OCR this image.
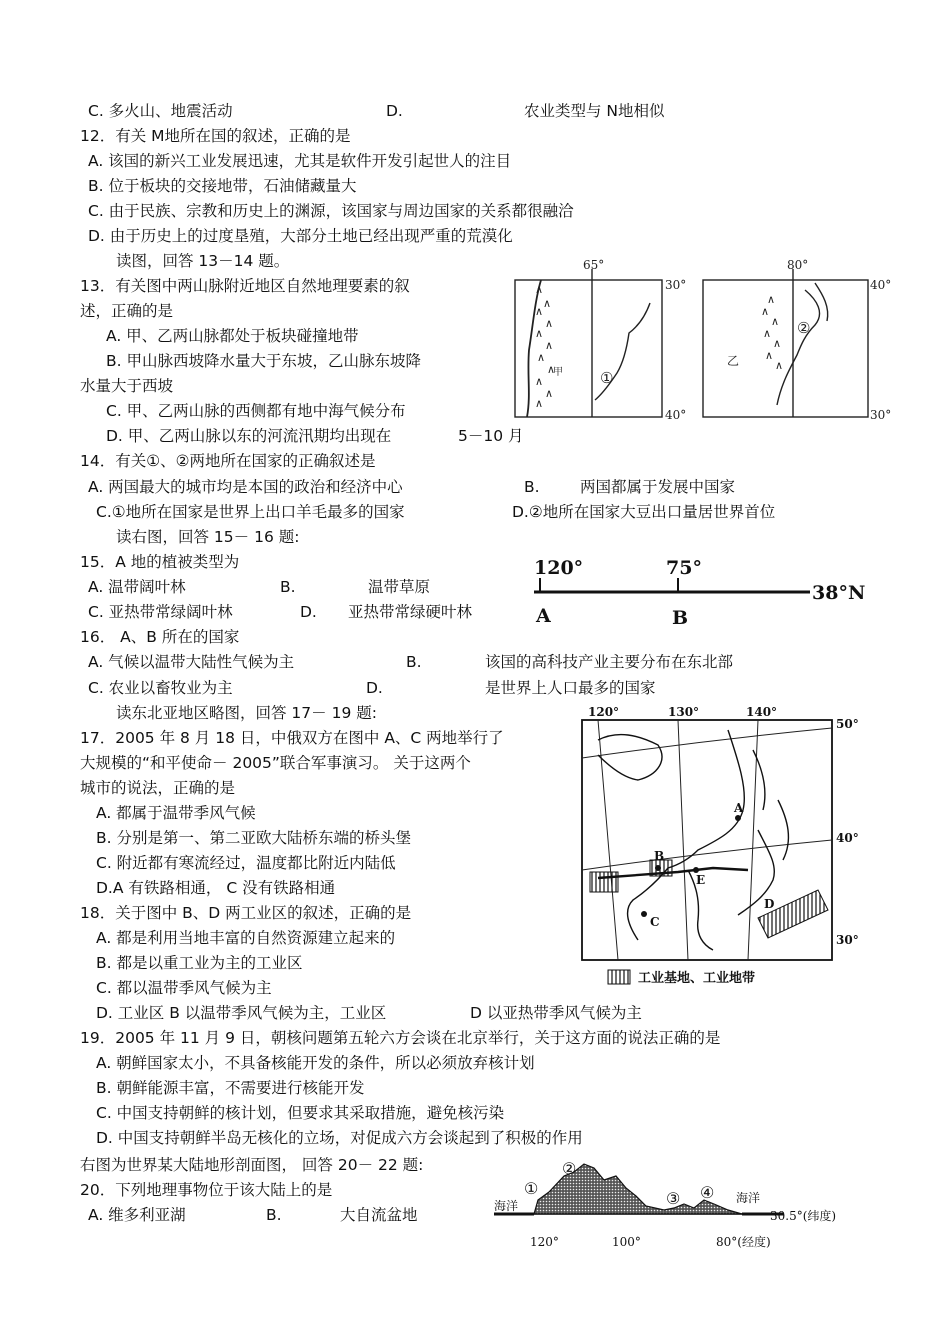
C. 多火山、地震活动	D.	农业类型与 N地相似
12．有关 M地所在国的叙述，正确的是
A. 该国的新兴工业发展迅速，尤其是软件开发引起世人的注目
B. 位于板块的交接地带，石油储藏量大
C. 由于民族、宗教和历史上的渊源，该国家与周边国家的关系都很融洽
D. 由于历史上的过度垦殖，大部分土地已经出现严重的荒漠化
读图，回答 13－14 题。
13．有关图中两山脉附近地区自然地理要素的叙
述，正确的是
A. 甲、乙两山脉都处于板块碰撞地带
B. 甲山脉西坡降水量大于东坡，乙山脉东坡降
水量大于西坡
C. 甲、乙两山脉的西侧都有地中海气候分布
D. 甲、乙两山脉以东的河流汛期均出现在	5－10 月
14．有关①、②两地所在国家的正确叙述是
A. 两国最大的城市均是本国的政治和经济中心	B.	两国都属于发展中国家
C.①地所在国家是世界上出口羊毛最多的国家	D.②地所在国家大豆出口量居世界首位
读右图，回答 15－ 16 题:
15．A 地的植被类型为
A. 温带阔叶林	B.	温带草原
C. 亚热带常绿阔叶林	D. 亚热带常绿硬叶林
16． A、B 所在的国家
A. 气候以温带大陆性气候为主	B.	该国的高科技产业主要分布在东北部
C. 农业以畜牧业为主	D.	是世界上人口最多的国家
读东北亚地区略图，回答 17－ 19 题:
17．2005 年 8 月 18 日，中俄双方在图中 A、C 两地举行了
大规模的“和平使命－ 2005”联合军事演习。 关于这两个
城市的说法，正确的是
A. 都属于温带季风气候
B. 分别是第一、第二亚欧大陆桥东端的桥头堡
C. 附近都有寒流经过，温度都比附近内陆低
D.A 有铁路相通， C 没有铁路相通
18．关于图中 B、D 两工业区的叙述，正确的是
A. 都是利用当地丰富的自然资源建立起来的
B. 都是以重工业为主的工业区
C. 都以温带季风气候为主
D. 工业区 B 以温带季风气候为主，工业区	D 以亚热带季风气候为主
19．2005 年 11 月 9 日，朝核问题第五轮六方会谈在北京举行，关于这方面的说法正确的是
A. 朝鲜国家太小，不具备核能开发的条件，所以必须放弃核计划
B. 朝鲜能源丰富，不需要进行核能开发
C. 中国支持朝鲜的核计划，但要求其采取措施，避免核污染
D. 中国支持朝鲜半岛无核化的立场，对促成六方会谈起到了积极的作用
右图为世界某大陆地形剖面图， 回答 20－ 22 题:
20．下列地理事物位于该大陆上的是
A. 维多利亚湖	B.	大自流盆地
∧
∧
∧
∧
∧
∧
∧
∧
∧
∧
∧
∧
∧
∧
∧
∧
∧
∧
65°	80°
30°
40°
40°
30°
甲
乙
①
②
120°	75°
38°N
A	B
120°	130°	140°
50°
40°
30°
A
B
C
D
E
工业基地、工业地带
海洋
海洋
①
②
③ ④
30.5°(纬度)
120°	100°	80°(经度)
